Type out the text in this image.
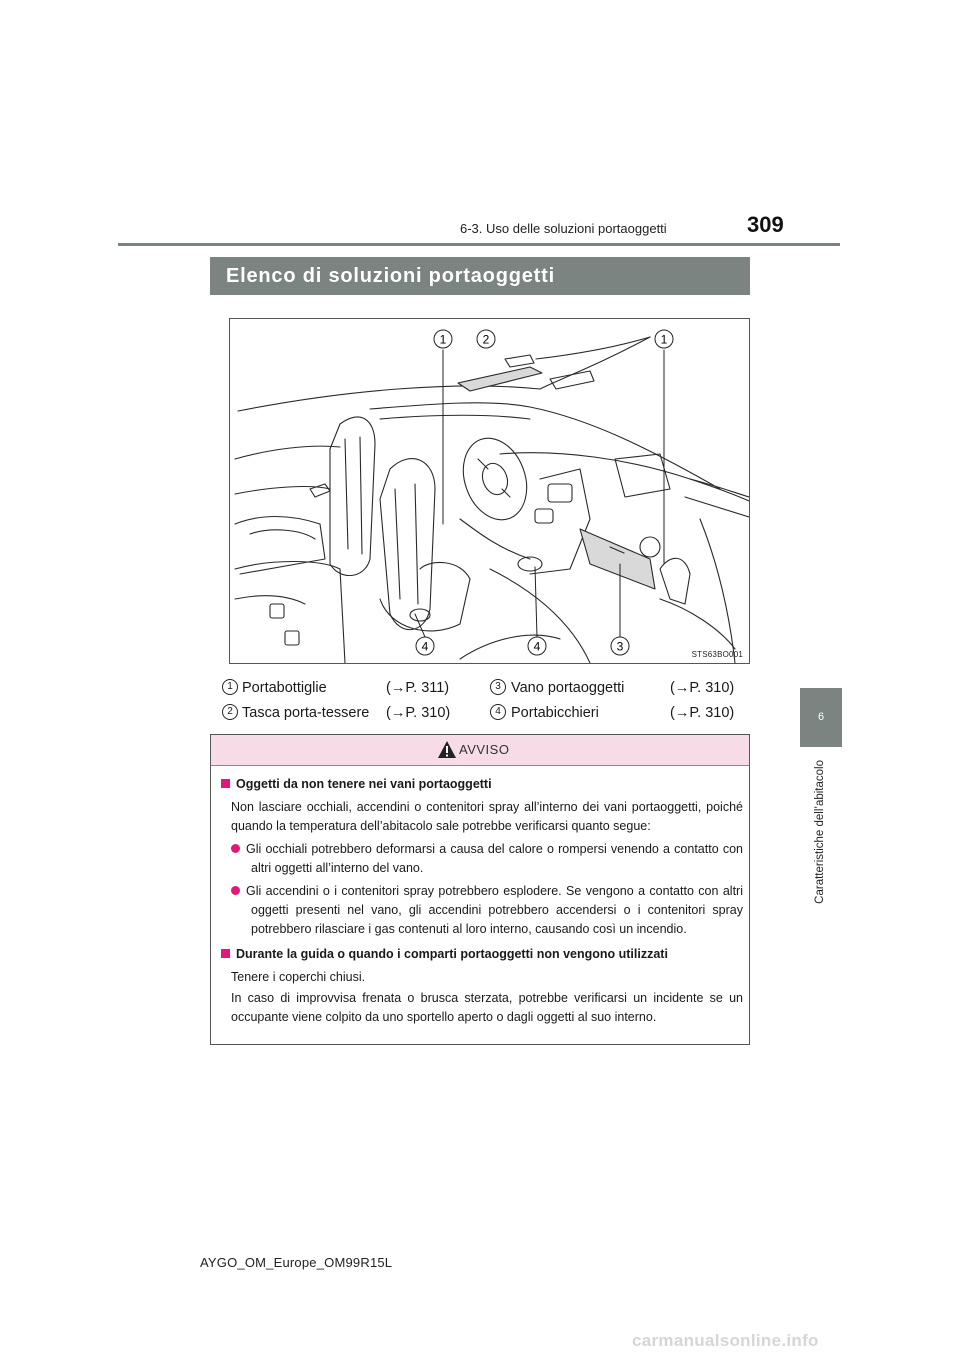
6-3. Uso delle soluzioni portaoggetti	309
6
Caratteristiche dell’abitacolo
Elenco di soluzioni portaoggetti
1	2	1
4	4	3
STS63BO001
1 Portabottiglie	(→P. 311)
2 Tasca porta-tessere (→P. 310)
3 Vano portaoggetti	(→P. 310)
4 Portabicchieri	(→P. 310)
AVVISO
Oggetti da non tenere nei vani portaoggetti
Non lasciare occhiali, accendini o contenitori spray all’interno dei vani portaoggetti, poiché quando la temperatura dell’abitacolo sale potrebbe verificarsi quanto segue:
Gli occhiali potrebbero deformarsi a causa del calore o rompersi venendo a contatto con altri oggetti all’interno del vano.
Gli accendini o i contenitori spray potrebbero esplodere. Se vengono a contatto con altri oggetti presenti nel vano, gli accendini potrebbero accendersi o i contenitori spray potrebbero rilasciare i gas contenuti al loro interno, causando così un incendio.
Durante la guida o quando i comparti portaoggetti non vengono utilizzati
Tenere i coperchi chiusi.
In caso di improvvisa frenata o brusca sterzata, potrebbe verificarsi un incidente se un occupante viene colpito da uno sportello aperto o dagli oggetti al suo interno.
AYGO_OM_Europe_OM99R15L
carmanualsonline.info
